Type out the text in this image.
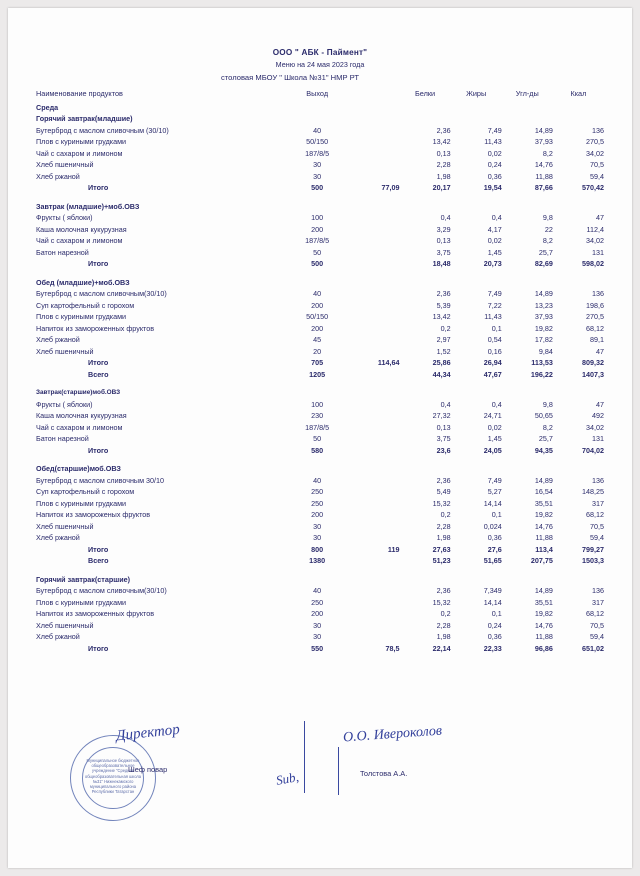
ООО " АБК - Паймент"
Меню на 24 мая 2023 года
столовая МБОУ " Школа №31" НМР РТ
Наименование продуктов	Выход		Белки	Жиры	Угл-ды	Ккал
Среда						
Горячий завтрак(младшие)						
Бутерброд с маслом сливочным (30/10)	40		2,36	7,49	14,89	136
Плов с куриными грудками	50/150		13,42	11,43	37,93	270,5
Чай с сахаром и лимоном	187/8/5		0,13	0,02	8,2	34,02
Хлеб пшеничный	30		2,28	0,24	14,76	70,5
Хлеб ржаной	30		1,98	0,36	11,88	59,4
Итого	500	77,09	20,17	19,54	87,66	570,42

Завтрак (младшие)+моб.ОВЗ						
Фрукты ( яблоки)	100		0,4	0,4	9,8	47
Каша молочная кукурузная	200		3,29	4,17	22	112,4
Чай с сахаром и лимоном	187/8/5		0,13	0,02	8,2	34,02
Батон нарезной	50		3,75	1,45	25,7	131
Итого	500		18,48	20,73	82,69	598,02

Обед (младшие)+моб.ОВЗ						
Бутерброд с маслом сливочным(30/10)	40		2,36	7,49	14,89	136
Суп картофельный с горохом	200		5,39	7,22	13,23	198,6
Плов с куриными грудками	50/150		13,42	11,43	37,93	270,5
Напиток из замороженных фруктов	200		0,2	0,1	19,82	68,12
Хлеб ржаной	45		2,97	0,54	17,82	89,1
Хлеб пшеничный	20		1,52	0,16	9,84	47
Итого	705	114,64	25,86	26,94	113,53	809,32
Всего	1205		44,34	47,67	196,22	1407,3

Завтрак(старшие)моб.ОВЗ						
Фрукты ( яблоки)	100		0,4	0,4	9,8	47
Каша молочная кукурузная	230		27,32	24,71	50,65	492
Чай с сахаром и лимоном	187/8/5		0,13	0,02	8,2	34,02
Батон нарезной	50		3,75	1,45	25,7	131
Итого	580		23,6	24,05	94,35	704,02

Обед(старшие)моб.ОВЗ						
Бутерброд с маслом сливочным 30/10	40		2,36	7,49	14,89	136
Суп картофельный с горохом	250		5,49	5,27	16,54	148,25
Плов с куриными грудками	250		15,32	14,14	35,51	317
Напиток из замороженых фруктов	200		0,2	0,1	19,82	68,12
Хлеб пшеничный	30		2,28	0,024	14,76	70,5
Хлеб ржаной	30		1,98	0,36	11,88	59,4
Итого	800	119	27,63	27,6	113,4	799,27
Всего	1380		51,23	51,65	207,75	1503,3

Горячий завтрак(старшие)						
Бутерброд с маслом сливочным(30/10)	40		2,36	7,349	14,89	136
Плов с куриными грудками	250		15,32	14,14	35,51	317
Напиток из замороженных фруктов	200		0,2	0,1	19,82	68,12
Хлеб пшеничный	30		2,28	0,24	14,76	70,5
Хлеб ржаной	30		1,98	0,36	11,88	59,4
Итого	550	78,5	22,14	22,33	96,86	651,02

Муниципальное бюджетное общеобразовательное учреждение "Средняя общеобразовательная школа №31" Нижнекамского муниципального района Республики Татарстан
Директор
Шеф повар
О.О. Ивероколов
Толстова А.А.
Sub,
